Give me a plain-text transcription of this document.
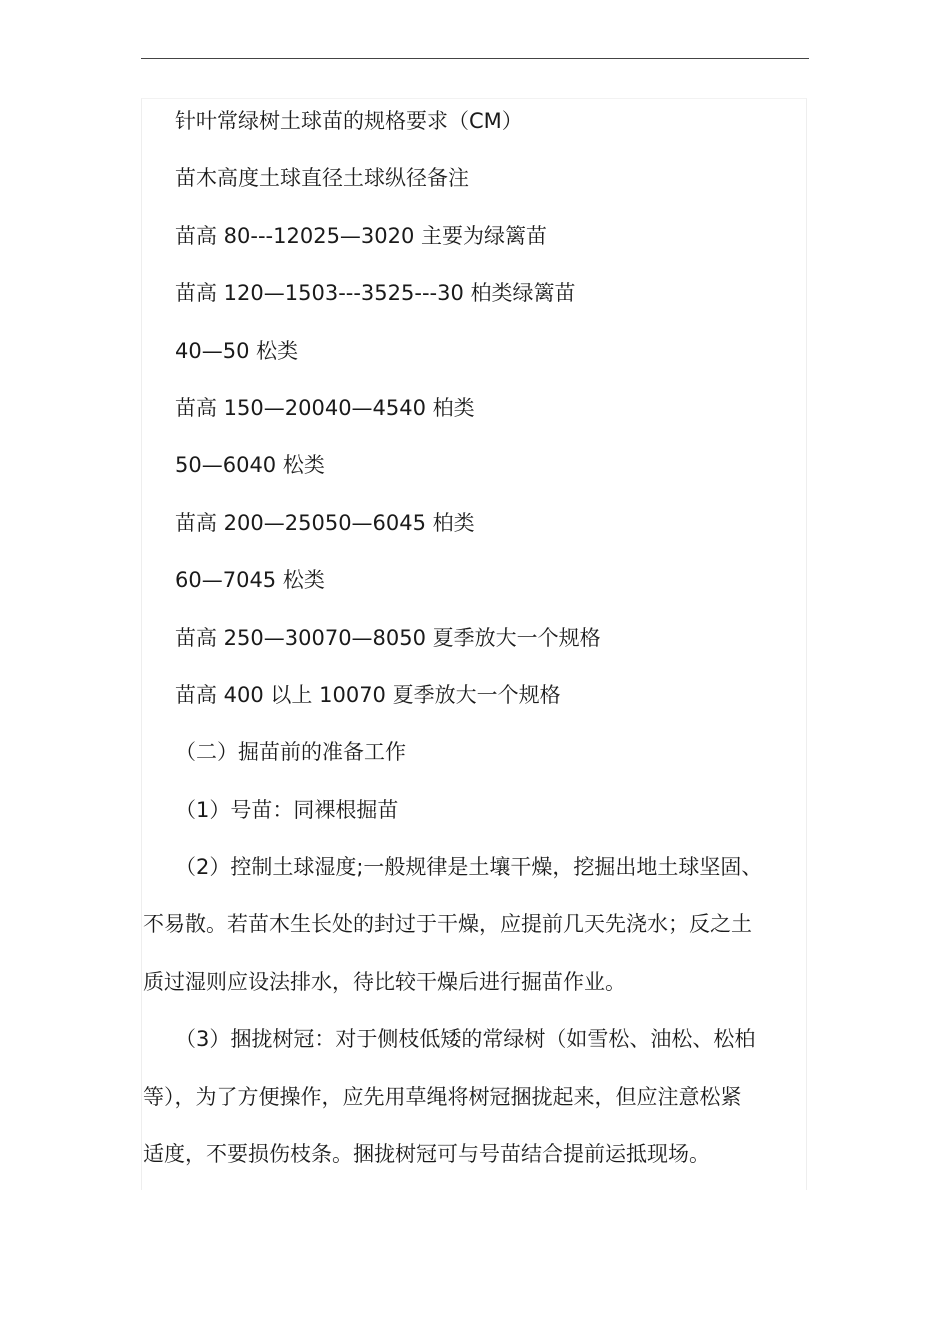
针叶常绿树土球苗的规格要求（CM）
苗木高度土球直径土球纵径备注
苗高 80---12025—3020 主要为绿篱苗
苗高 120—1503---3525---30 柏类绿篱苗
40—50 松类
苗高 150—20040—4540 柏类
50—6040 松类
苗高 200—25050—6045 柏类
60—7045 松类
苗高 250—30070—8050 夏季放大一个规格
苗高 400 以上 10070 夏季放大一个规格
（二）掘苗前的准备工作
（1）号苗：同裸根掘苗
（2）控制土球湿度;一般规律是土壤干燥，挖掘出地土球坚固、
不易散。若苗木生长处的封过于干燥，应提前几天先浇水；反之土
质过湿则应设法排水，待比较干燥后进行掘苗作业。
（3）捆拢树冠：对于侧枝低矮的常绿树（如雪松、油松、松柏
等），为了方便操作，应先用草绳将树冠捆拢起来，但应注意松紧
适度，不要损伤枝条。捆拢树冠可与号苗结合提前运抵现场。
